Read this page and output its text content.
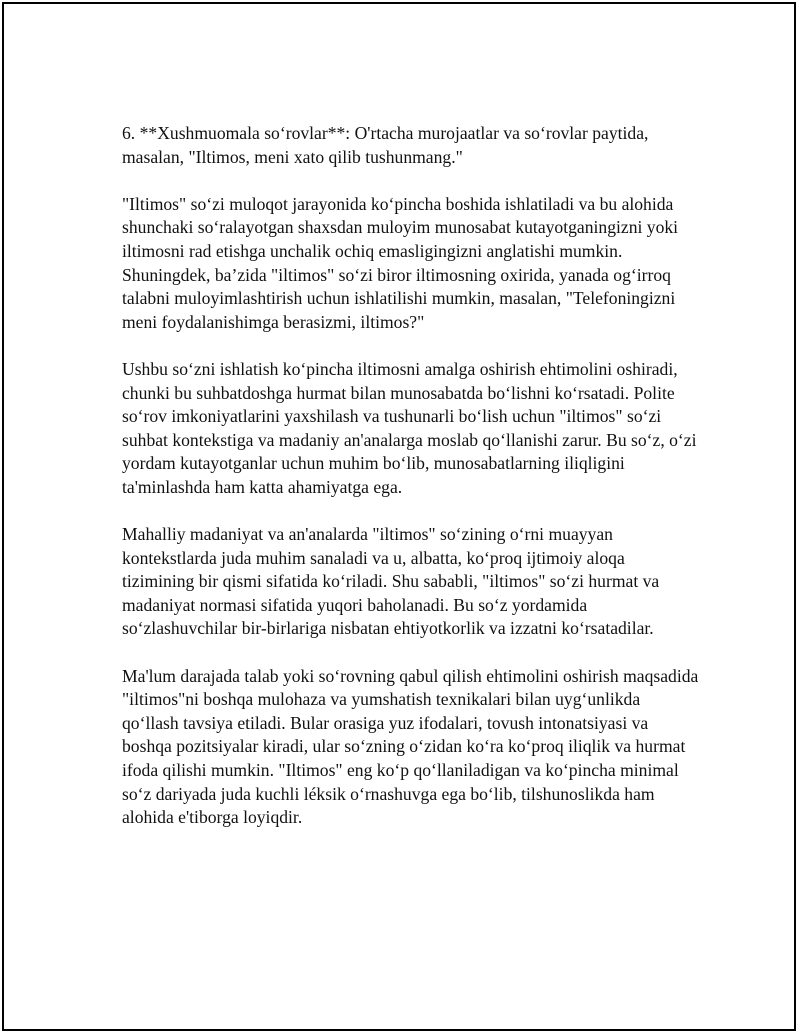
6. **Xushmuomala so‘rovlar**: O'rtacha murojaatlar va so‘rovlar paytida, masalan, "Iltimos, meni xato qilib tushunmang."

"Iltimos" so‘zi muloqot jarayonida ko‘pincha boshida ishlatiladi va bu alohida shunchaki so‘ralayotgan shaxsdan muloyim munosabat kutayotganingizni yoki iltimosni rad etishga unchalik ochiq emasligingizni anglatishi mumkin. Shuningdek, ba’zida "iltimos" so‘zi biror iltimosning oxirida, yanada og‘irroq talabni muloyimlashtirish uchun ishlatilishi mumkin, masalan, "Telefoningizni meni foydalanishimga berasizmi, iltimos?"

Ushbu so‘zni ishlatish ko‘pincha iltimosni amalga oshirish ehtimolini oshiradi, chunki bu suhbatdoshga hurmat bilan munosabatda bo‘lishni ko‘rsatadi. Polite so‘rov imkoniyatlarini yaxshilash va tushunarli bo‘lish uchun "iltimos" so‘zi suhbat kontekstiga va madaniy an'analarga moslab qo‘llanishi zarur. Bu so‘z, o‘zi yordam kutayotganlar uchun muhim bo‘lib, munosabatlarning iliqligini ta'minlashda ham katta ahamiyatga ega.

Mahalliy madaniyat va an'analarda "iltimos" so‘zining o‘rni muayyan kontekstlarda juda muhim sanaladi va u, albatta, ko‘proq ijtimoiy aloqa tizimining bir qismi sifatida ko‘riladi. Shu sababli, "iltimos" so‘zi hurmat va madaniyat normasi sifatida yuqori baholanadi. Bu so‘z yordamida so‘zlashuvchilar bir-birlariga nisbatan ehtiyotkorlik va izzatni ko‘rsatadilar.

Ma'lum darajada talab yoki so‘rovning qabul qilish ehtimolini oshirish maqsadida "iltimos"ni boshqa mulohaza va yumshatish texnikalari bilan uyg‘unlikda qo‘llash tavsiya etiladi. Bular orasiga yuz ifodalari, tovush intonatsiyasi va boshqa pozitsiyalar kiradi, ular so‘zning o‘zidan ko‘ra ko‘proq iliqlik va hurmat ifoda qilishi mumkin. "Iltimos" eng ko‘p qo‘llaniladigan va ko‘pincha minimal so‘z dariyada juda kuchli léksik o‘rnashuvga ega bo‘lib, tilshunoslikda ham alohida e'tiborga loyiqdir.
